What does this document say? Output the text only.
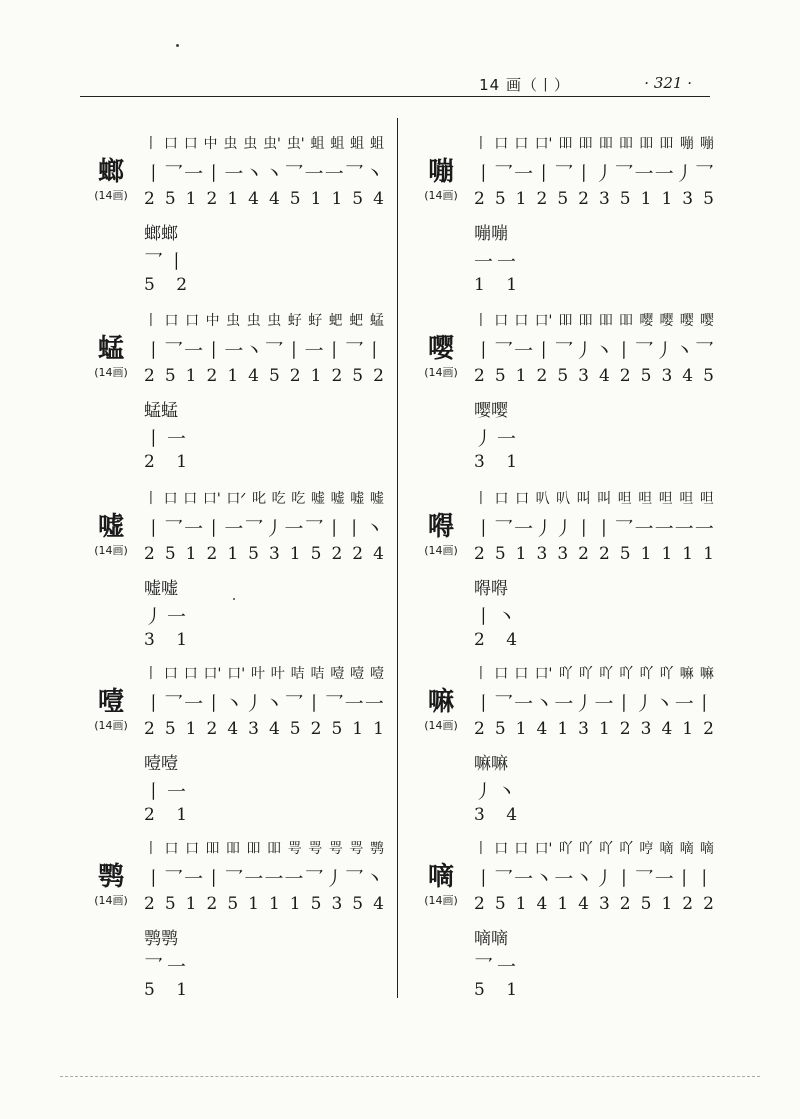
14 画（丨）	· 321 ·
螂
(14画)
丨 口 口 中 虫 虫 虫' 虫' 蛆 蛆 蛆 蛆
丨 乛 一 丨 一 丶 丶 乛 一 一 乛 丶
2 5 1 2 1 4 4 5 1 1 5 4
螂螂
乛丨
5 2
蜢
(14画)
丨 口 口 中 虫 虫 虫 虸 虸 蚆 蚆 蜢
丨 乛 一 丨 一 丶 乛 丨 一 丨 乛 丨
2 5 1 2 1 4 5 2 1 2 5 2
蜢蜢
丨一
2 1
嘘
(14画)
丨 口 口 口' 口ᐟ 叱 吃 吃 嘘 嘘 嘘 嘘
丨 乛 一 丨 一 乛 丿 一 乛 丨 丨 丶
2 5 1 2 1 5 3 1 5 2 2 4
嘘嘘
丿一
3 1
噎
(14画)
丨 口 口 口' 口' 叶 叶 咭 咭 噎 噎 噎
丨 乛 一 丨 丶 丿 丶 乛 丨 乛 一 一
2 5 1 2 4 3 4 5 2 5 1 1
噎噎
丨一
2 1
鹗
(14画)
丨 口 口 吅 吅 吅 吅 咢 咢 咢 咢 鹗
丨 乛 一 丨 乛 一 一 一 乛 丿 乛 丶
2 5 1 2 5 1 1 1 5 3 5 4
鹗鹗
乛一
5 1
嘣
(14画)
丨 口 口 口' 吅 吅 吅 吅 吅 吅 嘣 嘣
丨 乛 一 丨 乛 丨 丿 乛 一 一 丿 乛
2 5 1 2 5 2 3 5 1 1 3 5
嘣嘣
一一
1 1
嘤
(14画)
丨 口 口 口' 吅 吅 吅 吅 嘤 嘤 嘤 嘤
丨 乛 一 丨 乛 丿 丶 丨 乛 丿 丶 乛
2 5 1 2 5 3 4 2 5 3 4 5
嘤嘤
丿一
3 1
嘚
(14画)
丨 口 口 叭 叭 叫 叫 呾 呾 呾 呾 呾
丨 乛 一 丿 丿 丨 丨 乛 一 一 一 一
2 5 1 3 3 2 2 5 1 1 1 1
嘚嘚
丨丶
2 4
嘛
(14画)
丨 口 口 口' 吖 吖 吖 吖 吖 吖 嘛 嘛
丨 乛 一 丶 一 丿 一 丨 丿 丶 一 丨
2 5 1 4 1 3 1 2 3 4 1 2
嘛嘛
丿丶
3 4
嘀
(14画)
丨 口 口 口' 吖 吖 吖 吖 哼 嘀 嘀 嘀
丨 乛 一 丶 一 丶 丿 丨 乛 一 丨 丨
2 5 1 4 1 4 3 2 5 1 2 2
嘀嘀
乛一
5 1
